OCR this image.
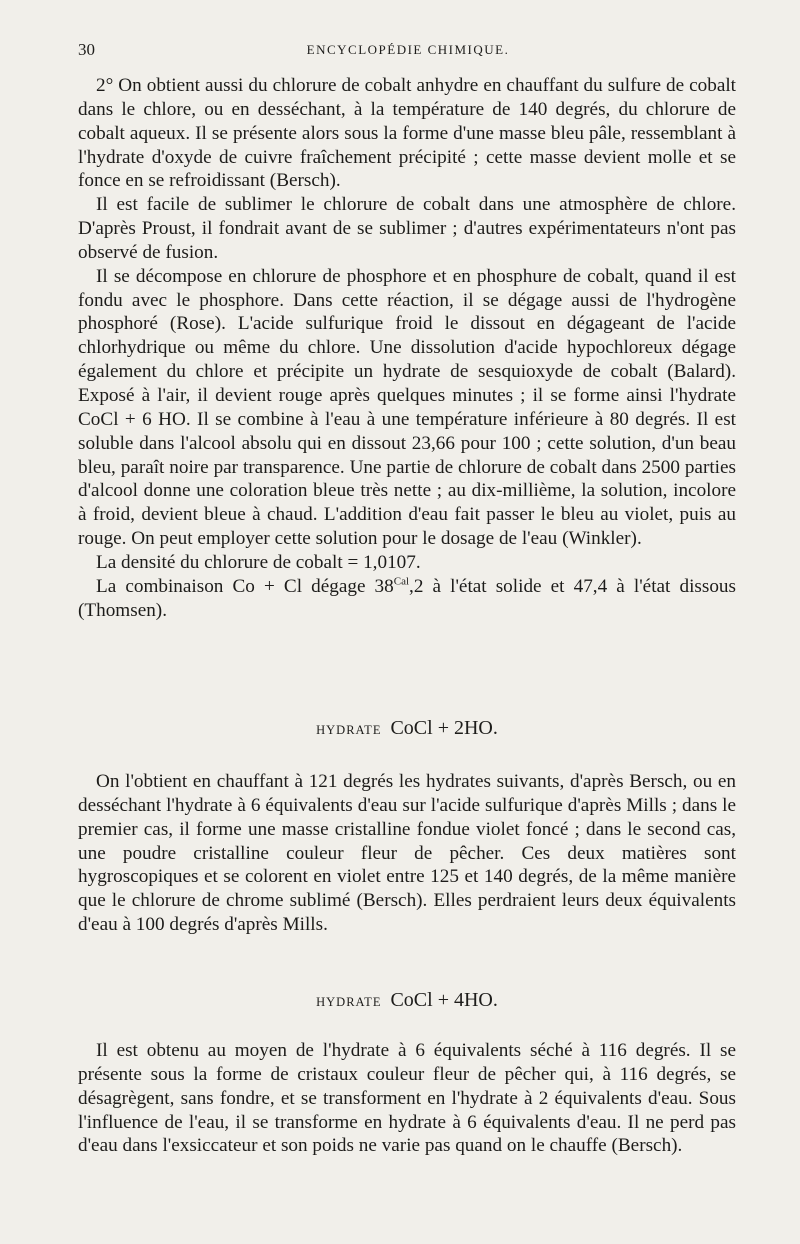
30	ENCYCLOPÉDIE CHIMIQUE.

2° On obtient aussi du chlorure de cobalt anhydre en chauffant du sulfure de cobalt dans le chlore, ou en desséchant, à la température de 140 degrés, du chlorure de cobalt aqueux. Il se présente alors sous la forme d'une masse bleu pâle, ressemblant à l'hydrate d'oxyde de cuivre fraîchement précipité ; cette masse devient molle et se fonce en se refroidissant (Bersch).

Il est facile de sublimer le chlorure de cobalt dans une atmosphère de chlore. D'après Proust, il fondrait avant de se sublimer ; d'autres expérimentateurs n'ont pas observé de fusion.

Il se décompose en chlorure de phosphore et en phosphure de cobalt, quand il est fondu avec le phosphore. Dans cette réaction, il se dégage aussi de l'hydrogène phosphoré (Rose). L'acide sulfurique froid le dissout en dégageant de l'acide chlorhydrique ou même du chlore. Une dissolution d'acide hypochloreux dégage également du chlore et précipite un hydrate de sesquioxyde de cobalt (Balard). Exposé à l'air, il devient rouge après quelques minutes ; il se forme ainsi l'hydrate CoCl + 6 HO. Il se combine à l'eau à une température inférieure à 80 degrés. Il est soluble dans l'alcool absolu qui en dissout 23,66 pour 100 ; cette solution, d'un beau bleu, paraît noire par transparence. Une partie de chlorure de cobalt dans 2500 parties d'alcool donne une coloration bleue très nette ; au dix-millième, la solution, incolore à froid, devient bleue à chaud. L'addition d'eau fait passer le bleu au violet, puis au rouge. On peut employer cette solution pour le dosage de l'eau (Winkler).

La densité du chlorure de cobalt = 1,0107.

La combinaison Co + Cl dégage $38^{Cal},2$ à l'état solide et 47,4 à l'état dissous (Thomsen).

HYDRATE CoCl + 2HO.

On l'obtient en chauffant à 121 degrés les hydrates suivants, d'après Bersch, ou en desséchant l'hydrate à 6 équivalents d'eau sur l'acide sulfurique d'après Mills ; dans le premier cas, il forme une masse cristalline fondue violet foncé ; dans le second cas, une poudre cristalline couleur fleur de pêcher. Ces deux matières sont hygroscopiques et se colorent en violet entre 125 et 140 degrés, de la même manière que le chlorure de chrome sublimé (Bersch). Elles perdraient leurs deux équivalents d'eau à 100 degrés d'après Mills.

HYDRATE CoCl + 4HO.

Il est obtenu au moyen de l'hydrate à 6 équivalents séché à 116 degrés. Il se présente sous la forme de cristaux couleur fleur de pêcher qui, à 116 degrés, se désagrègent, sans fondre, et se transforment en l'hydrate à 2 équivalents d'eau. Sous l'influence de l'eau, il se transforme en hydrate à 6 équivalents d'eau. Il ne perd pas d'eau dans l'exsiccateur et son poids ne varie pas quand on le chauffe (Bersch).
